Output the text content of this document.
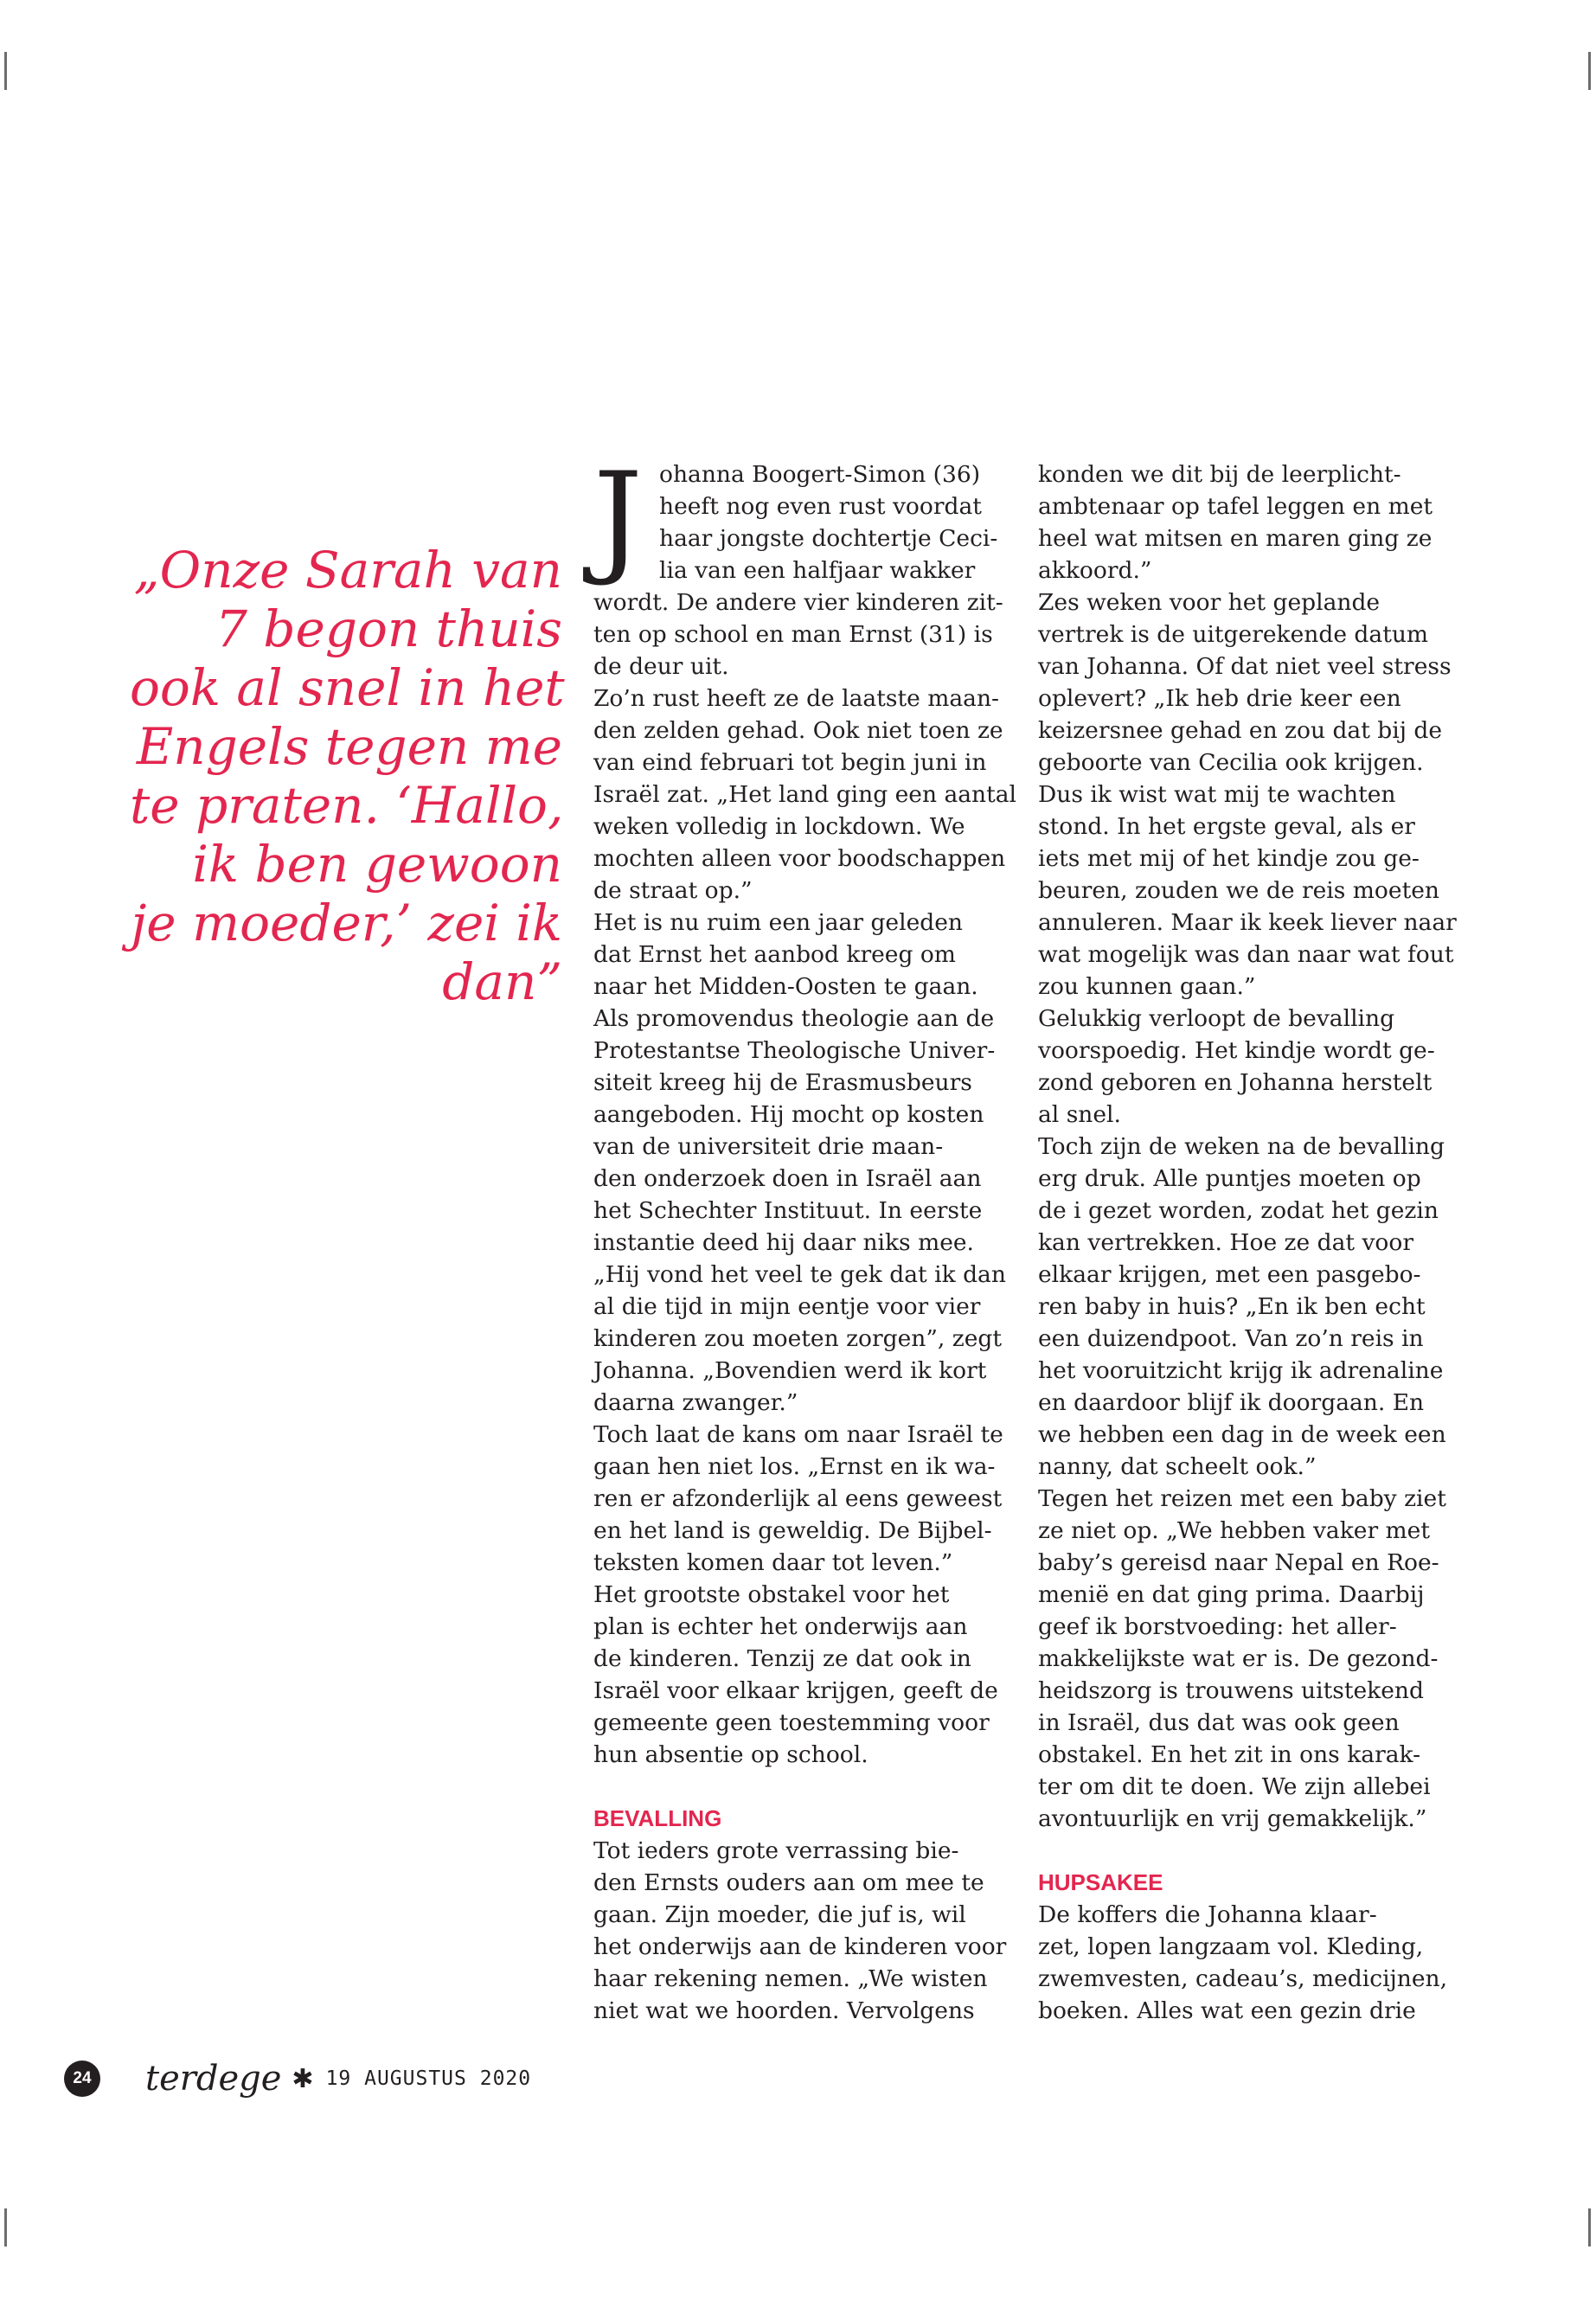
„Onze Sarah van
7 begon thuis
ook al snel in het
Engels tegen me
te praten. ‘Hallo,
ik ben gewoon
je moeder,’ zei ik
dan”
J ohanna Boogert-Simon (36)

heeft nog even rust voordat

haar jongste dochtertje Ceci-

lia van een halfjaar wakker

wordt. De andere vier kinderen zit-

ten op school en man Ernst (31) is

de deur uit.

Zo’n rust heeft ze de laatste maan-

den zelden gehad. Ook niet toen ze

van eind februari tot begin juni in

Israël zat. „Het land ging een aantal

weken volledig in lockdown. We

mochten alleen voor boodschappen

de straat op.”

Het is nu ruim een jaar geleden

dat Ernst het aanbod kreeg om

naar het Midden-Oosten te gaan.

Als promovendus theologie aan de

Protestantse Theologische Univer-

siteit kreeg hij de Erasmusbeurs

aangeboden. Hij mocht op kosten

van de universiteit drie maan-

den onderzoek doen in Israël aan

het Schechter Instituut. In eerste

instantie deed hij daar niks mee.

„Hij vond het veel te gek dat ik dan

al die tijd in mijn eentje voor vier

kinderen zou moeten zorgen”, zegt

Johanna. „Bovendien werd ik kort

daarna zwanger.”

Toch laat de kans om naar Israël te

gaan hen niet los. „Ernst en ik wa-

ren er afzonderlijk al eens geweest

en het land is geweldig. De Bijbel-

teksten komen daar tot leven.”

Het grootste obstakel voor het

plan is echter het onderwijs aan

de kinderen. Tenzij ze dat ook in

Israël voor elkaar krijgen, geeft de

gemeente geen toestemming voor

hun absentie op school.

BEVALLING

Tot ieders grote verrassing bie-

den Ernsts ouders aan om mee te

gaan. Zijn moeder, die juf is, wil

het onderwijs aan de kinderen voor

haar rekening nemen. „We wisten

niet wat we hoorden. Vervolgens

konden we dit bij de leerplicht-

ambtenaar op tafel leggen en met

heel wat mitsen en maren ging ze

akkoord.”

Zes weken voor het geplande

vertrek is de uitgerekende datum

van Johanna. Of dat niet veel stress

oplevert? „Ik heb drie keer een

keizersnee gehad en zou dat bij de

geboorte van Cecilia ook krijgen.

Dus ik wist wat mij te wachten

stond. In het ergste geval, als er

iets met mij of het kindje zou ge-

beuren, zouden we de reis moeten

annuleren. Maar ik keek liever naar

wat mogelijk was dan naar wat fout

zou kunnen gaan.”

Gelukkig verloopt de bevalling

voorspoedig. Het kindje wordt ge-

zond geboren en Johanna herstelt

al snel.

Toch zijn de weken na de bevalling

erg druk. Alle puntjes moeten op

de i gezet worden, zodat het gezin

kan vertrekken. Hoe ze dat voor

elkaar krijgen, met een pasgebo-

ren baby in huis? „En ik ben echt

een duizendpoot. Van zo’n reis in

het vooruitzicht krijg ik adrenaline

en daardoor blijf ik doorgaan. En

we hebben een dag in de week een

nanny, dat scheelt ook.”

Tegen het reizen met een baby ziet

ze niet op. „We hebben vaker met

baby’s gereisd naar Nepal en Roe-

menië en dat ging prima. Daarbij

geef ik borstvoeding: het aller-

makkelijkste wat er is. De gezond-

heidszorg is trouwens uitstekend

in Israël, dus dat was ook geen

obstakel. En het zit in ons karak-

ter om dit te doen. We zijn allebei

avontuurlijk en vrij gemakkelijk.”

HUPSAKEE

De koffers die Johanna klaar-

zet, lopen langzaam vol. Kleding,

zwemvesten, cadeau’s, medicijnen,

boeken. Alles wat een gezin drie

24 terdege ✱ 19 AUGUSTUS 2020
